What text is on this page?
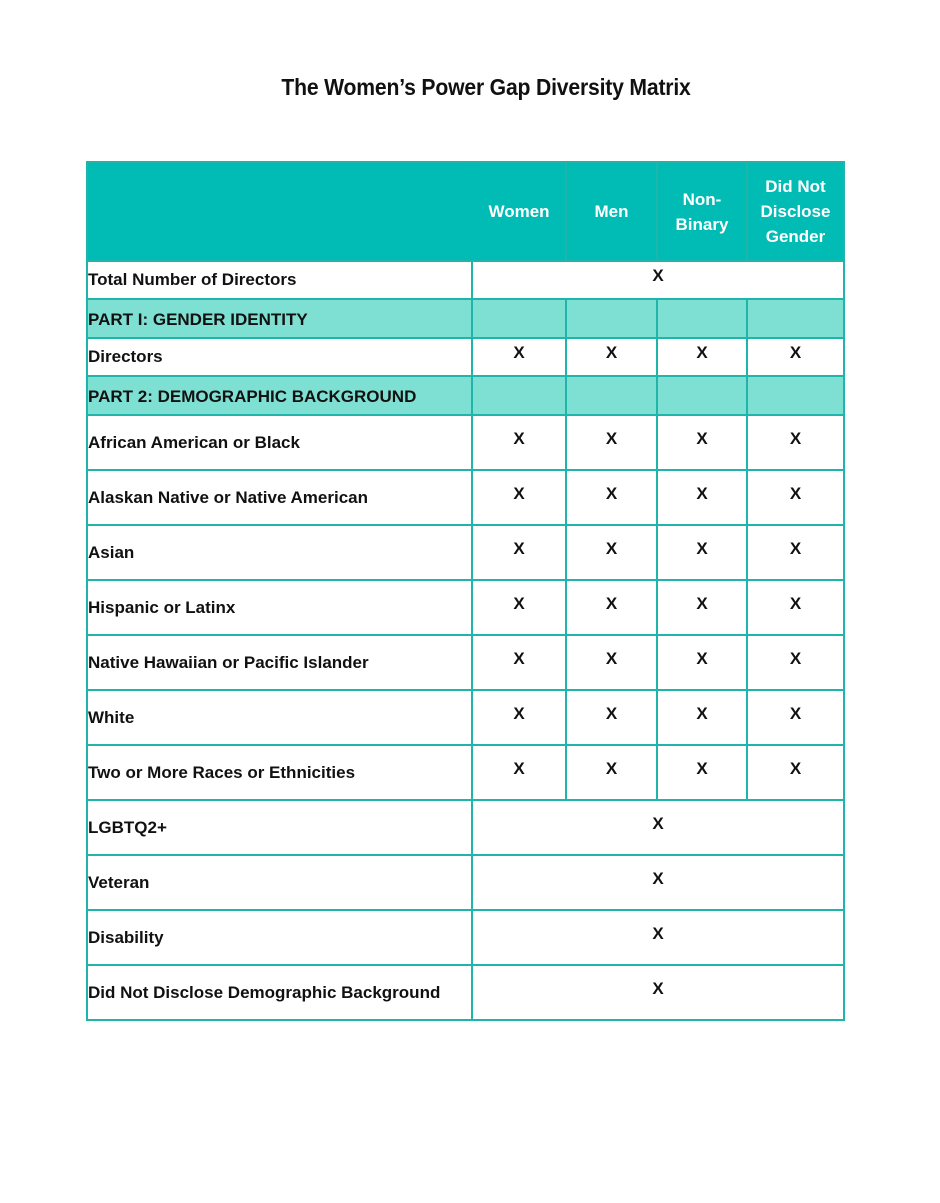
The Women’s Power Gap Diversity Matrix
	Women	Men	Non-Binary	Did Not
Disclose
Gender

Total Number of Directors	X			
PART I: GENDER IDENTITY				
Directors	X	X	X	X
PART 2: DEMOGRAPHIC BACKGROUND				
African American or Black	X	X	X	X
Alaskan Native or Native American	X	X	X	X
Asian	X	X	X	X
Hispanic or Latinx	X	X	X	X
Native Hawaiian or Pacific Islander	X	X	X	X
White	X	X	X	X
Two or More Races or Ethnicities	X	X	X	X
LGBTQ2+	X			
Veteran	X			
Disability	X			
Did Not Disclose Demographic Background	X			
